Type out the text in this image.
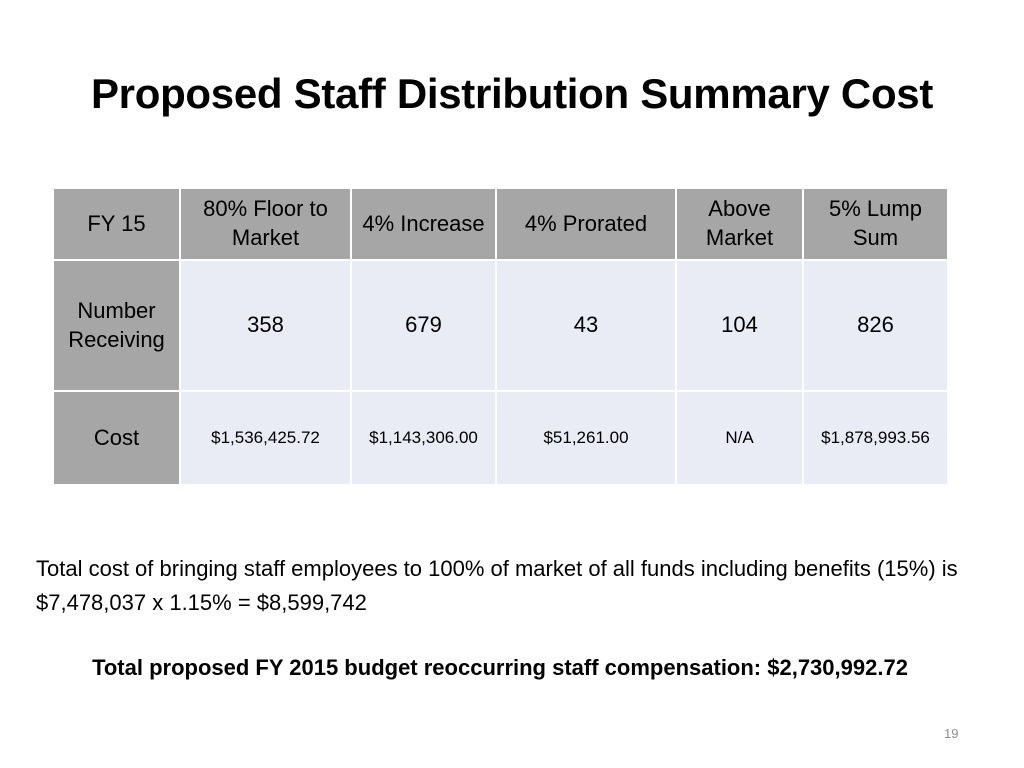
Proposed Staff Distribution Summary Cost
FY 15	80% Floor to Market	4% Increase	4% Prorated	Above Market	5% Lump Sum
Number Receiving	358	679	43	104	826
Cost	$1,536,425.72	$1,143,306.00	$51,261.00	N/A	$1,878,993.56
Total cost of bringing staff employees to 100% of market of all funds including benefits (15%) is $7,478,037 x 1.15% = $8,599,742
Total proposed FY 2015 budget reoccurring staff compensation: $2,730,992.72
19
